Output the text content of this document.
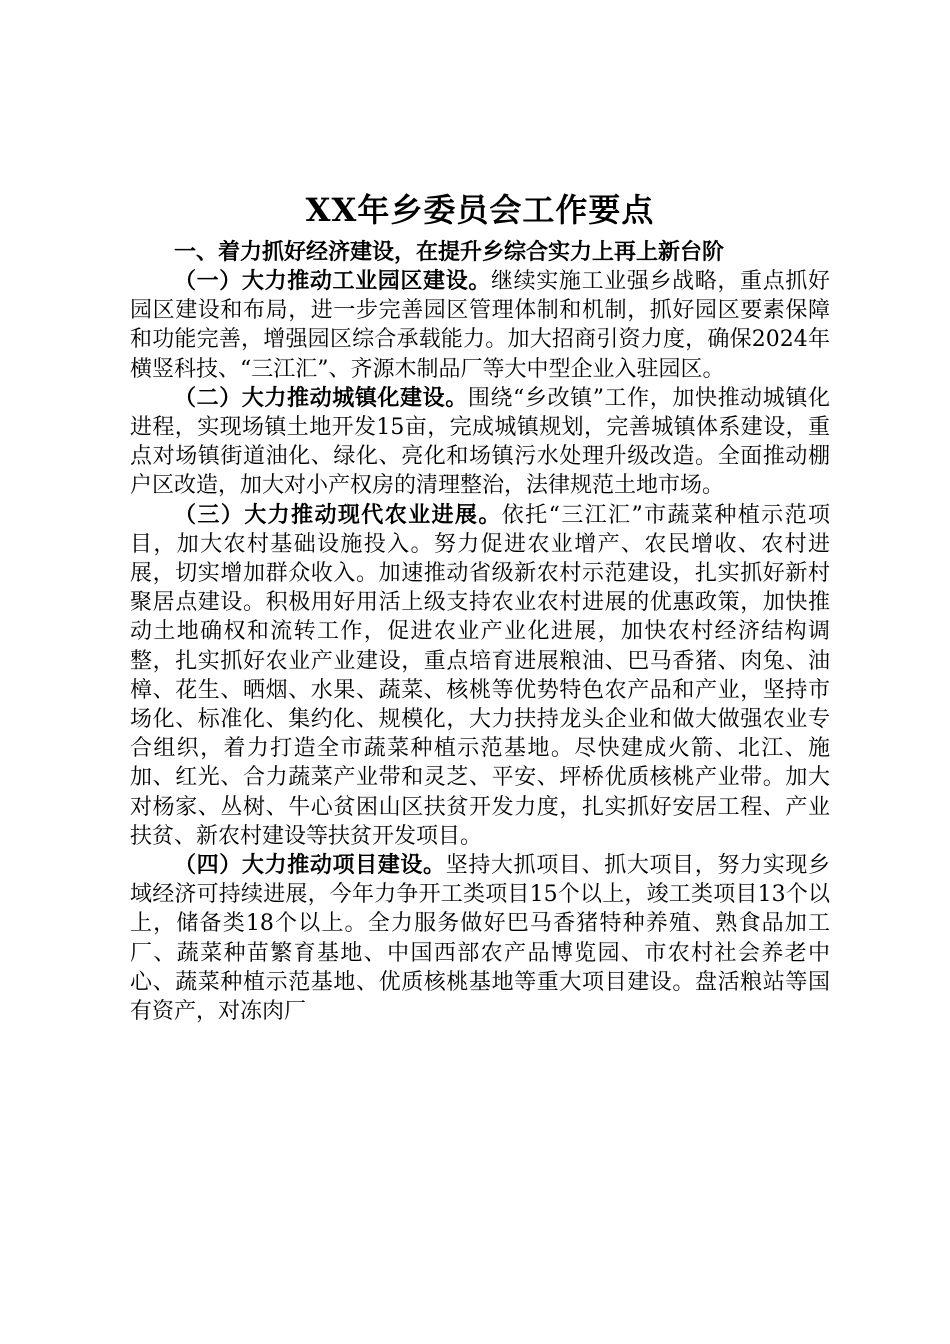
XX年乡委员会工作要点

一、着力抓好经济建设，在提升乡综合实力上再上新台阶

（一）大力推动工业园区建设。继续实施工业强乡战略，重点抓好园区建设和布局，进一步完善园区管理体制和机制，抓好园区要素保障和功能完善，增强园区综合承载能力。加大招商引资力度，确保2024年横竖科技、“三江汇”、齐源木制品厂等大中型企业入驻园区。

（二）大力推动城镇化建设。围绕“乡改镇”工作，加快推动城镇化进程，实现场镇土地开发15亩，完成城镇规划，完善城镇体系建设，重点对场镇街道油化、绿化、亮化和场镇污水处理升级改造。全面推动棚户区改造，加大对小产权房的清理整治，法律规范土地市场。

（三）大力推动现代农业进展。依托“三江汇”市蔬菜种植示范项目，加大农村基础设施投入。努力促进农业增产、农民增收、农村进展，切实增加群众收入。加速推动省级新农村示范建设，扎实抓好新村聚居点建设。积极用好用活上级支持农业农村进展的优惠政策，加快推动土地确权和流转工作，促进农业产业化进展，加快农村经济结构调整，扎实抓好农业产业建设，重点培育进展粮油、巴马香猪、肉兔、油樟、花生、晒烟、水果、蔬菜、核桃等优势特色农产品和产业，坚持市场化、标准化、集约化、规模化，大力扶持龙头企业和做大做强农业专合组织，着力打造全市蔬菜种植示范基地。尽快建成火箭、北江、施加、红光、合力蔬菜产业带和灵芝、平安、坪桥优质核桃产业带。加大对杨家、丛树、牛心贫困山区扶贫开发力度，扎实抓好安居工程、产业扶贫、新农村建设等扶贫开发项目。

（四）大力推动项目建设。坚持大抓项目、抓大项目，努力实现乡域经济可持续进展，今年力争开工类项目15个以上，竣工类项目13个以上，储备类18个以上。全力服务做好巴马香猪特种养殖、熟食品加工厂、蔬菜种苗繁育基地、中国西部农产品博览园、市农村社会养老中心、蔬菜种植示范基地、优质核桃基地等重大项目建设。盘活粮站等国有资产，对冻肉厂
